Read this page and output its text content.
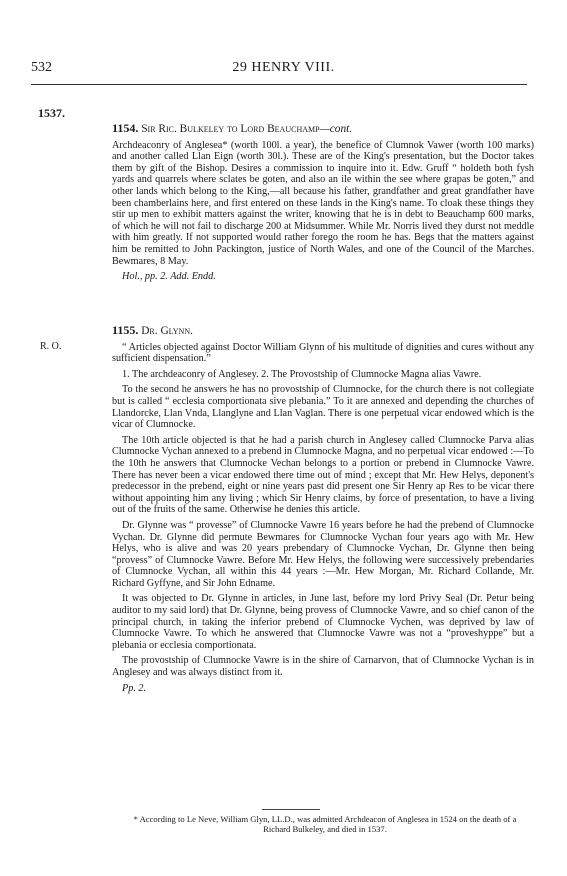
532	29 HENRY VIII.
1537.

1154. Sir Ric. Bulkeley to Lord Beauchamp—cont.

Archdeaconry of Anglesea* (worth 100l. a year), the benefice of Clumnok Vawer (worth 100 marks) and another called Llan Eign (worth 30l.). These are of the King's presentation, but the Doctor takes them by gift of the Bishop. Desires a commission to inquire into it. Edw. Gruff “ holdeth both fysh yards and quarrels where sclates be goten, and also an ile within the see where grapas be goten,” and other lands which belong to the King,—all because his father, grandfather and great grandfather have been chamberlains here, and first entered on these lands in the King's name. To cloak these things they stir up men to exhibit matters against the writer, knowing that he is in debt to Beauchamp 600 marks, of which he will not fail to discharge 200 at Midsummer. While Mr. Norris lived they durst not meddle with him greatly. If not supported would rather forego the room he has. Begs that the matters against him be remitted to John Packington, justice of North Wales, and one of the Council of the Marches. Bewmares, 8 May.

Hol., pp. 2. Add. Endd.

R. O.

1155. Dr. Glynn.

“ Articles objected against Doctor William Glynn of his multitude of dignities and cures without any sufficient dispensation.”

1. The archdeaconry of Anglesey. 2. The Provostship of Clumnocke Magna alias Vawre.

To the second he answers he has no provostship of Clumnocke, for the church there is not collegiate but is called “ ecclesia comportionata sive plebania.” To it are annexed and depending the churches of Llandorcke, Llan Vnda, Llanglyne and Llan Vaglan. There is one perpetual vicar endowed which is the vicar of Clumnocke.

The 10th article objected is that he had a parish church in Anglesey called Clumnocke Parva alias Clumnocke Vychan annexed to a prebend in Clumnocke Magna, and no perpetual vicar endowed :—To the 10th he answers that Clumnocke Vechan belongs to a portion or prebend in Clumnocke Vawre. There has never been a vicar endowed there time out of mind ; except that Mr. Hew Helys, deponent's predecessor in the prebend, eight or nine years past did present one Sir Henry ap Res to be vicar there without appointing him any living ; which Sir Henry claims, by force of presentation, to have a living out of the fruits of the same. Otherwise he denies this article.

Dr. Glynne was “ provesse” of Clumnocke Vawre 16 years before he had the prebend of Clumnocke Vychan. Dr. Glynne did permute Bewmares for Clumnocke Vychan four years ago with Mr. Hew Helys, who is alive and was 20 years prebendary of Clumnocke Vychan, Dr. Glynne then being “provess” of Clumnocke Vawre. Before Mr. Hew Helys, the following were successively prebendaries of Clumnocke Vychan, all within this 44 years :—Mr. Hew Morgan, Mr. Richard Collande, Mr. Richard Gyffyne, and Sir John Edname.

It was objected to Dr. Glynne in articles, in June last, before my lord Privy Seal (Dr. Petur being auditor to my said lord) that Dr. Glynne, being provess of Clumnocke Vawre, and so chief canon of the principal church, in taking the inferior prebend of Clumnocke Vychen, was deprived by law of Clumnocke Vawre. To which he answered that Clumnocke Vawre was not a “proveshyppe” but a plebania or ecclesia comportionata.

The provostship of Clumnocke Vawre is in the shire of Carnarvon, that of Clumnocke Vychan is in Anglesey and was always distinct from it.

Pp. 2.

* According to Le Neve, William Glyn, LL.D., was admitted Archdeacon of Anglesea in 1524 on the death of a Richard Bulkeley, and died in 1537.
